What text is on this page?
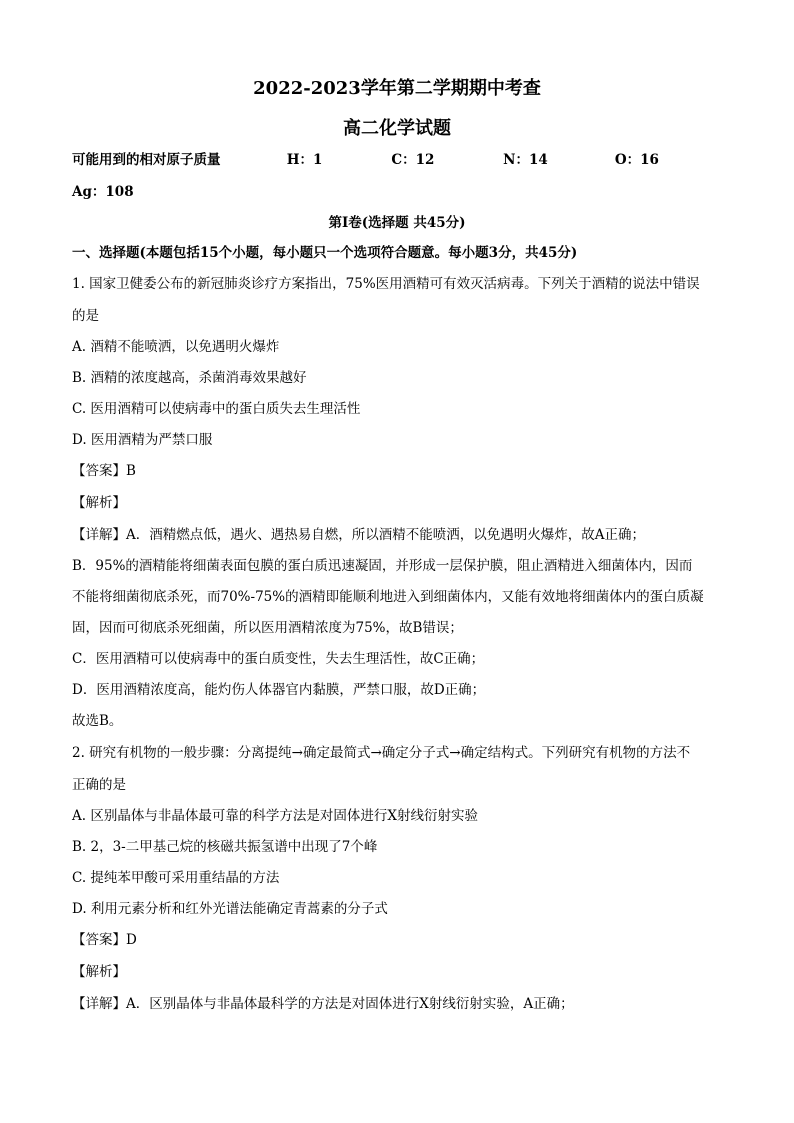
2022-2023学年第二学期期中考查
高二化学试题
可能用到的相对原子质量	H：1	C：12	N：14	O：16
Ag：108
第I卷(选择题 共45分)
一、选择题(本题包括15个小题，每小题只一个选项符合题意。每小题3分，共45分)
1. 国家卫健委公布的新冠肺炎诊疗方案指出，75%医用酒精可有效灭活病毒。下列关于酒精的说法中错误
的是
A. 酒精不能喷洒，以免遇明火爆炸
B. 酒精的浓度越高，杀菌消毒效果越好
C. 医用酒精可以使病毒中的蛋白质失去生理活性
D. 医用酒精为严禁口服
【答案】B
【解析】
【详解】A．酒精燃点低，遇火、遇热易自燃，所以酒精不能喷洒，以免遇明火爆炸，故A正确；
B．95%的酒精能将细菌表面包膜的蛋白质迅速凝固，并形成一层保护膜，阻止酒精进入细菌体内，因而
不能将细菌彻底杀死，而70%-75%的酒精即能顺利地进入到细菌体内，又能有效地将细菌体内的蛋白质凝
固，因而可彻底杀死细菌，所以医用酒精浓度为75%，故B错误；
C．医用酒精可以使病毒中的蛋白质变性，失去生理活性，故C正确；
D．医用酒精浓度高，能灼伤人体器官内黏膜，严禁口服，故D正确；
故选B。
2. 研究有机物的一般步骤：分离提纯→确定最简式→确定分子式→确定结构式。下列研究有机物的方法不
正确的是
A. 区别晶体与非晶体最可靠的科学方法是对固体进行X射线衍射实验
B. 2，3-二甲基己烷的核磁共振氢谱中出现了7个峰
C. 提纯苯甲酸可采用重结晶的方法
D. 利用元素分析和红外光谱法能确定青蒿素的分子式
【答案】D
【解析】
【详解】A．区别晶体与非晶体最科学的方法是对固体进行X射线衍射实验，A正确；
